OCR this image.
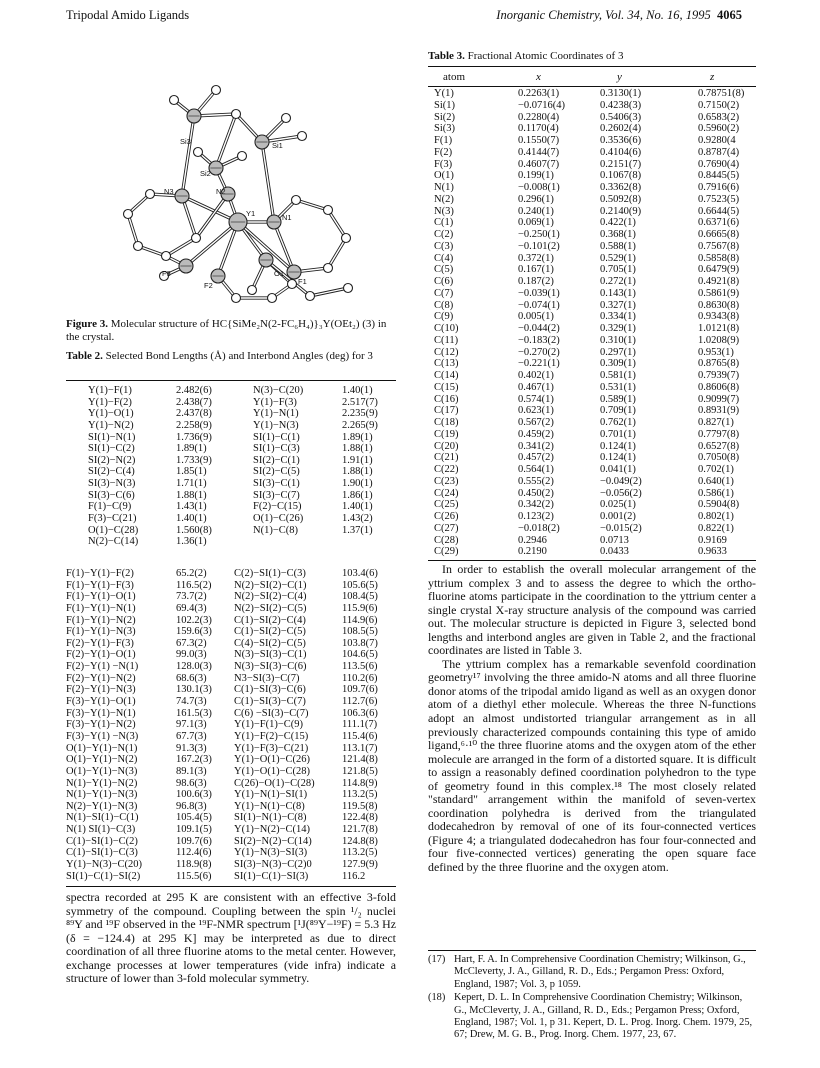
Tripodal Amido Ligands	Inorganic Chemistry, Vol. 34, No. 16, 1995 4065
Si3	Si1
Si2
N3	N2
Y1	N1
F3
F2
O1
F1
Figure 3. Molecular structure of HC{SiMe₂N(2-FC₆H₄)}₃Y(OEt₂) (3) in the crystal.
Table 2. Selected Bond Lengths (Å) and Interbond Angles (deg) for 3
Y(1)−F(1)	2.482(6)	N(3)−C(20)	1.40(1)
Y(1)−F(2)	2.438(7)	Y(1)−F(3)	2.517(7)
Y(1)−O(1)	2.437(8)	Y(1)−N(1)	2.235(9)
Y(1)−N(2)	2.258(9)	Y(1)−N(3)	2.265(9)
SI(1)−N(1)	1.736(9)	SI(1)−C(1)	1.89(1)
SI(1)−C(2)	1.89(1)	SI(1)−C(3)	1.88(1)
SI(2)−N(2)	1.733(9)	SI(2)−C(1)	1.91(1)
SI(2)−C(4)	1.85(1)	SI(2)−C(5)	1.88(1)
SI(3)−N(3)	1.71(1)	SI(3)−C(1)	1.90(1)
SI(3)−C(6)	1.88(1)	SI(3)−C(7)	1.86(1)
F(1)−C(9)	1.43(1)	F(2)−C(15)	1.40(1)
F(3)−C(21)	1.40(1)	O(1)−C(26)	1.43(2)
O(1)−C(28)	1.560(8)	N(1)−C(8)	1.37(1)
N(2)−C(14)	1.36(1)
F(1)−Y(1)−F(2)	65.2(2)	C(2)−SI(1)−C(3)	103.4(6)
F(1)−Y(1)−F(3)	116.5(2) N(2)−SI(2)−C(1)	105.6(5)
F(1)−Y(1)−O(1)	73.7(2)	N(2)−SI(2)−C(4)	108.4(5)
F(1)−Y(1)−N(1)	69.4(3)	N(2)−SI(2)−C(5)	115.9(6)
F(1)−Y(1)−N(2)	102.2(3) C(1)−SI(2)−C(4)	114.9(6)
F(1)−Y(1)−N(3)	159.6(3) C(1)−SI(2)−C(5)	108.5(5)
F(2)−Y(1)−F(3)	67.3(2)	C(4)−SI(2)−C(5)	103.8(7)
F(2)−Y(1)−O(1)	99.0(3)	N(3)−SI(3)−C(1)	104.6(5)
F(2)−Y(1) −N(1)	128.0(3) N(3)−SI(3)−C(6)	113.5(6)
F(2)−Y(1)−N(2)	68.6(3)	N3−SI(3)−C(7)	110.2(6)
F(2)−Y(1)−N(3)	130.1(3) C(1)−SI(3)−C(6)	109.7(6)
F(3)−Y(1)−O(1)	74.7(3)	C(1)−SI(3)−C(7)	112.7(6)
F(3)−Y(1)−N(1)	161.5(3) C(6) −SI(3)−C(7)	106.3(6)
F(3)−Y(1)−N(2)	97.1(3)	Y(1)−F(1)−C(9)	111.1(7)
F(3)−Y(1) −N(3)	67.7(3)	Y(1)−F(2)−C(15)	115.4(6)
O(1)−Y(1)−N(1)	91.3(3)	Y(1)−F(3)−C(21)	113.1(7)
O(1)−Y(1)−N(2)	167.2(3) Y(1)−O(1)−C(26)	121.4(8)
O(1)−Y(1)−N(3)	89.1(3)	Y(1)−O(1)−C(28)	121.8(5)
N(1)−Y(1)−N(2)	98.6(3)	C(26)−O(1)−C(28)	114.8(9)
N(1)−Y(1)−N(3)	100.6(3) Y(1)−N(1)−SI(1)	113.2(5)
N(2)−Y(1)−N(3)	96.8(3)	Y(1)−N(1)−C(8)	119.5(8)
N(1)−SI(1)−C(1)	105.4(5) SI(1)−N(1)−C(8)	122.4(8)
N(1) SI(1)−C(3)	109.1(5) Y(1)−N(2)−C(14)	121.7(8)
C(1)−SI(1)−C(2)	109.7(6) SI(2)−N(2)−C(14)	124.8(8)
C(1)−SI(1)−C(3)	112.4(6) Y(1)−N(3)−SI(3)	113.2(5)
Y(1)−N(3)−C(20)	118.9(8) SI(3)−N(3)−C(2)0	127.9(9)
SI(1)−C(1)−SI(2)	115.5(6) SI(1)−C(1)−SI(3)	116.2

spectra recorded at 295 K are consistent with an effective 3-fold symmetry of the compound. Coupling between the spin ¹/₂ nuclei ⁸⁹Y and ¹⁹F observed in the ¹⁹F-NMR spectrum [¹J(⁸⁹Y−¹⁹F) = 5.3 Hz (δ = −124.4) at 295 K] may be interpreted as due to direct coordination of all three fluorine atoms to the metal center. However, exchange processes at lower temperatures (vide infra) indicate a structure of lower than 3-fold molecular symmetry.

Table 3. Fractional Atomic Coordinates of 3
atom	x	y	z
Y(1)	0.2263(1)	0.3130(1)	0.78751(8)
Si(1)	−0.0716(4)	0.4238(3)	0.7150(2)
Si(2)	0.2280(4)	0.5406(3)	0.6583(2)
Si(3)	0.1170(4)	0.2602(4)	0.5960(2)
F(1)	0.1550(7)	0.3536(6)	0.9280(4
F(2)	0.4144(7)	0.4104(6)	0.8787(4)
F(3)	0.4607(7)	0.2151(7)	0.7690(4)
O(1)	0.199(1)	0.1067(8)	0.8445(5)
N(1)	−0.008(1)	0.3362(8)	0.7916(6)
N(2)	0.296(1)	0.5092(8)	0.7523(5)
N(3)	0.240(1)	0.2140(9)	0.6644(5)
C(1)	0.069(1)	0.422(1)	0.6371(6)
C(2)	−0.250(1)	0.368(1)	0.6665(8)
C(3)	−0.101(2)	0.588(1)	0.7567(8)
C(4)	0.372(1)	0.529(1)	0.5858(8)
C(5)	0.167(1)	0.705(1)	0.6479(9)
C(6)	0.187(2)	0.272(1)	0.4921(8)
C(7)	−0.039(1)	0.143(1)	0.5861(9)
C(8)	−0.074(1)	0.327(1)	0.8630(8)
C(9)	0.005(1)	0.334(1)	0.9343(8)
C(10)	−0.044(2)	0.329(1)	1.0121(8)
C(11)	−0.183(2)	0.310(1)	1.0208(9)
C(12)	−0.270(2)	0.297(1)	0.953(1)
C(13)	−0.221(1)	0.309(1)	0.8765(8)
C(14)	0.402(1)	0.581(1)	0.7939(7)
C(15)	0.467(1)	0.531(1)	0.8606(8)
C(16)	0.574(1)	0.589(1)	0.9099(7)
C(17)	0.623(1)	0.709(1)	0.8931(9)
C(18)	0.567(2)	0.762(1)	0.827(1)
C(19)	0.459(2)	0.701(1)	0.7797(8)
C(20)	0.341(2)	0.124(1)	0.6527(8)
C(21)	0.457(2)	0.124(1)	0.7050(8)
C(22)	0.564(1)	0.041(1)	0.702(1)
C(23)	0.555(2)	−0.049(2)	0.640(1)
C(24)	0.450(2)	−0.056(2)	0.586(1)
C(25)	0.342(2)	0.025(1)	0.5904(8)
C(26)	0.123(2)	0.001(2)	0.802(1)
C(27)	−0.018(2)	−0.015(2)	0.822(1)
C(28)	0.2946	0.0713	0.9169
C(29)	0.2190	0.0433	0.9633

In order to establish the overall molecular arrangement of the yttrium complex 3 and to assess the degree to which the ortho-fluorine atoms participate in the coordination to the yttrium center a single crystal X-ray structure analysis of the compound was carried out. The molecular structure is depicted in Figure 3, selected bond lengths and interbond angles are given in Table 2, and the fractional coordinates are listed in Table 3.

The yttrium complex has a remarkable sevenfold coordination geometry¹⁷ involving the three amido-N atoms and all three fluorine donor atoms of the tripodal amido ligand as well as an oxygen donor atom of a diethyl ether molecule. Whereas the three N-functions adopt an almost undistorted triangular arrangement as in all previously characterized compounds containing this type of amido ligand,⁶·¹⁰ the three fluorine atoms and the oxygen atom of the ether molecule are arranged in the form of a distorted square. It is difficult to assign a reasonably defined coordination polyhedron to the type of geometry found in this complex.¹⁸ The most closely related "standard" arrangement within the manifold of seven-vertex coordination polyhedra is derived from the triangulated dodecahedron by removal of one of its four-connected vertices (Figure 4; a triangulated dodecahedron has four four-connected and four five-connected vertices) generating the open square face defined by the three fluorine and the oxygen atom.

(17) Hart, F. A. In Comprehensive Coordination Chemistry; Wilkinson, G., McCleverty, J. A., Gilland, R. D., Eds.; Pergamon Press: Oxford, England, 1987; Vol. 3, p 1059.
(18) Kepert, D. L. In Comprehensive Coordination Chemistry; Wilkinson, G., McCleverty, J. A., Gilland, R. D., Eds.; Pergamon Press; Oxford, England, 1987; Vol. 1, p 31. Kepert, D. L. Prog. Inorg. Chem. 1979, 25, 67; Drew, M. G. B., Prog. Inorg. Chem. 1977, 23, 67.
